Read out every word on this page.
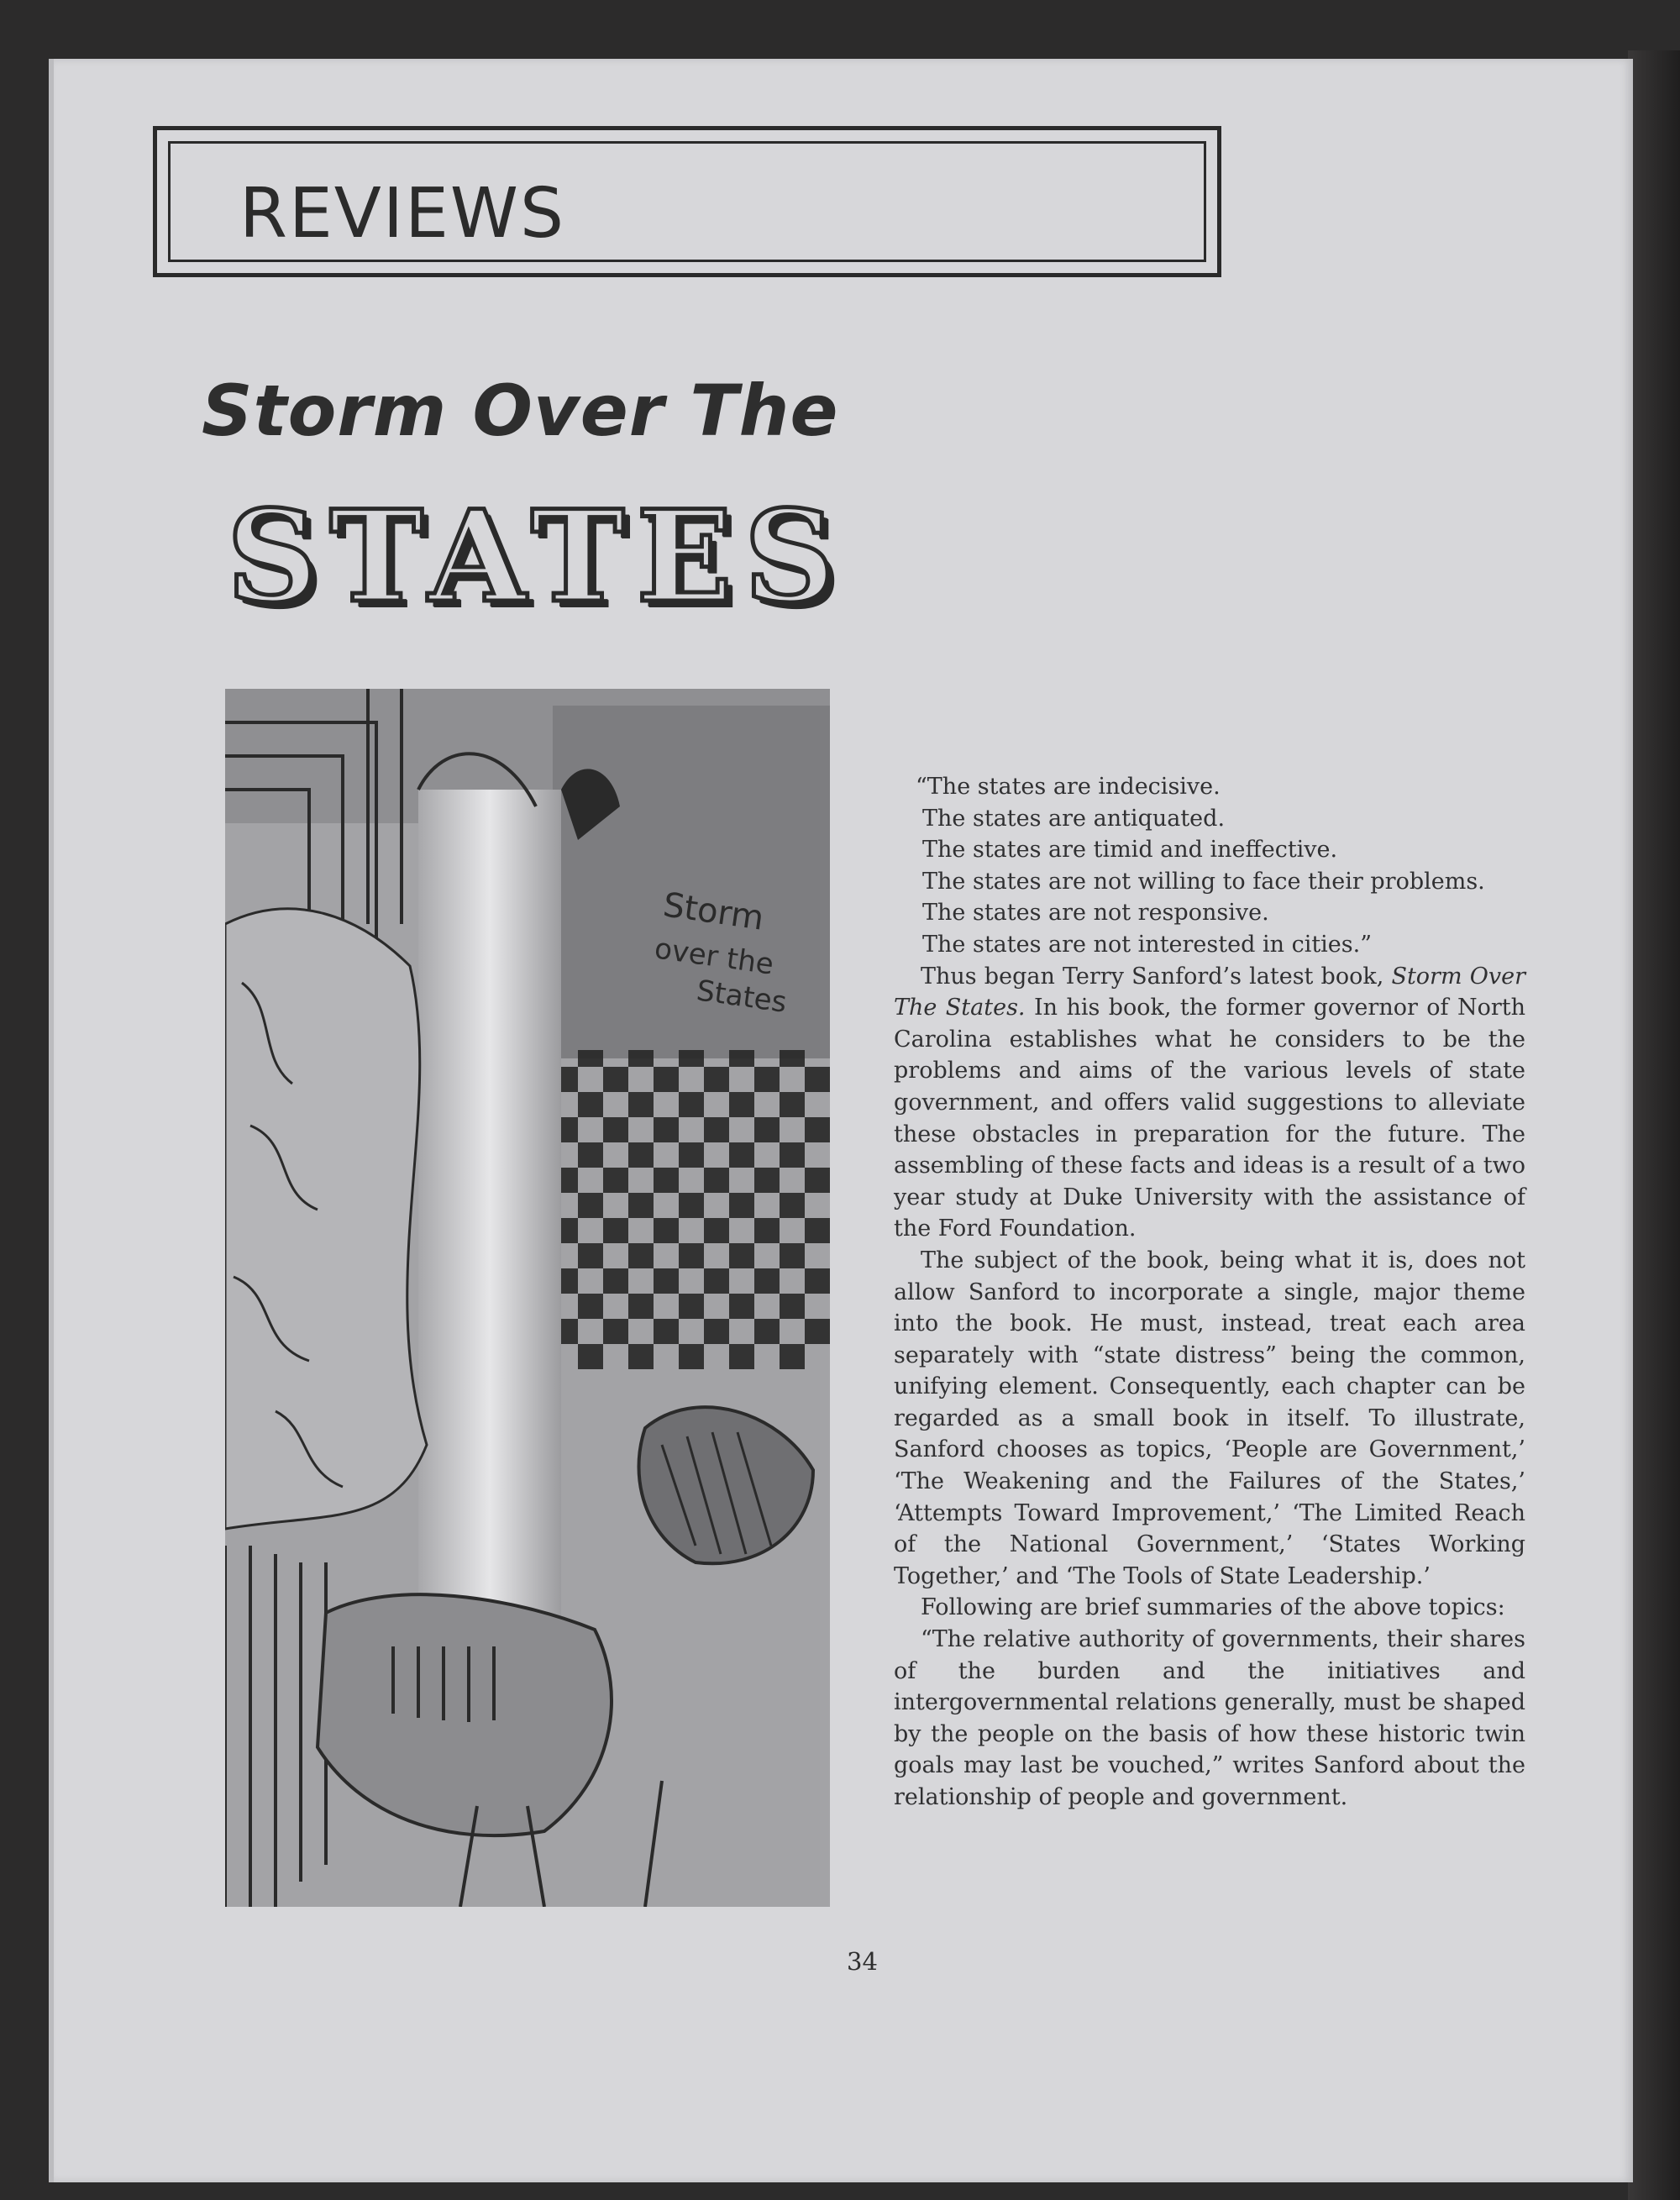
REVIEWS
Storm Over The
STATES
Storm
over the
States

“The states are indecisive.

The states are antiquated.

The states are timid and ineffective.

The states are not willing to face their problems.

The states are not responsive.

The states are not interested in cities.”

Thus began Terry Sanford’s latest book, Storm Over The States. In his book, the former governor of North Carolina establishes what he considers to be the problems and aims of the various levels of state government, and offers valid suggestions to alleviate these obstacles in preparation for the future. The assembling of these facts and ideas is a result of a two year study at Duke University with the assistance of the Ford Foundation.

The subject of the book, being what it is, does not allow Sanford to incorporate a single, major theme into the book. He must, instead, treat each area separately with “state distress” being the common, unifying element. Consequently, each chapter can be regarded as a small book in itself. To illustrate, Sanford chooses as topics, ‘People are Government,’ ‘The Weakening and the Failures of the States,’ ‘Attempts Toward Improvement,’ ‘The Limited Reach of the National Government,’ ‘States Working Together,’ and ‘The Tools of State Leadership.’

Following are brief summaries of the above topics:

“The relative authority of governments, their shares of the burden and the initiatives and intergovernmental relations generally, must be shaped by the people on the basis of how these historic twin goals may last be vouched,” writes Sanford about the relationship of people and government.

34
